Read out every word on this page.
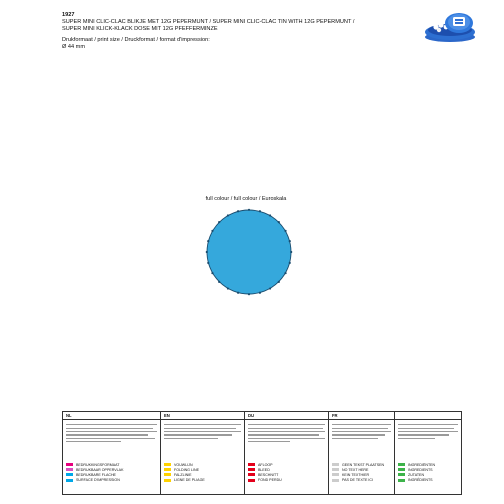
1927
SUPER MINI CLIC-CLAC BLIKJE MET 12G PEPERMUNT / SUPER MINI CLIC-CLAC TIN WITH 12G PEPERMUNT /
SUPER MINI KLICK-KLACK DOSE MIT 12G PFEFFERMINZE
Drukformaat / print size / Druckformat / format d'impression:
Ø 44 mm
full colour / full colour / Euroskala
NL
BEDRUKKINGSFORMAAT
BEDRUKBAAR OPPERVLAK
BEDRUKBARE FLACHE
SURFACE D'IMPRESSION
EN
VOUWLIJN
FOLDING LINE
FALZLINIE
LIGNE DE PLIAGE
DU
AFLOOP
BLEED
BESCHNITT
FOND PERDU
FR
GEEN TEKST PLAATSEN
NO TEXT HERE
KEIN TEXTHIER
PAS DE TEXTE ICI
INGREDIËNTEN
INGREDIENTS
ZUTATEN
INGRÉDIENTS
